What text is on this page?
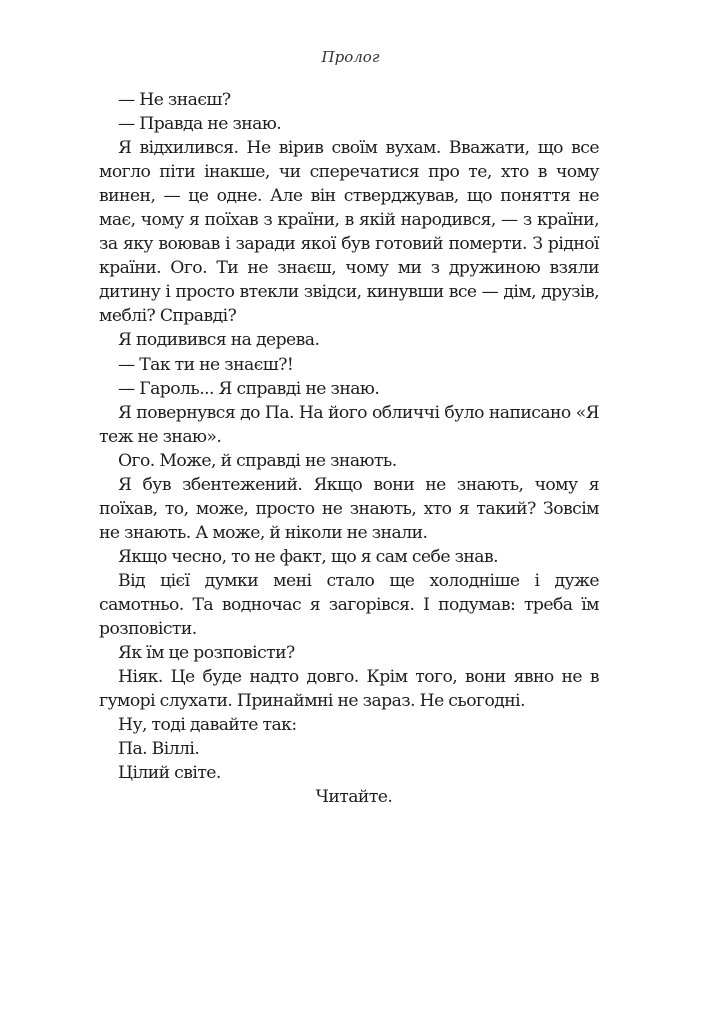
Пролог

— Не знаєш?

— Правда не знаю.

Я відхилився. Не вірив своїм вухам. Вважати, що все могло піти інакше, чи сперечатися про те, хто в чому винен, — це одне. Але він стверджував, що поняття не має, чому я поїхав з країни, в якій народився, — з країни, за яку воював і заради якої був готовий померти. З рідної країни. Ого. Ти не знаєш, чому ми з дружиною взяли дитину і просто втекли звідси, кинувши все — дім, друзів, меблі? Справді?

Я подивився на дерева.

— Так ти не знаєш?!

— Гароль... Я справді не знаю.

Я повернувся до Па. На його обличчі було написано «Я теж не знаю».

Ого. Може, й справді не знають.

Я був збентежений. Якщо вони не знають, чому я поїхав, то, може, просто не знають, хто я такий? Зовсім не знають. А може, й ніколи не знали.

Якщо чесно, то не факт, що я сам себе знав.

Від цієї думки мені стало ще холодніше і дуже самотньо. Та водночас я загорівся. І подумав: треба їм розповісти.

Як їм це розповісти?

Ніяк. Це буде надто довго. Крім того, вони явно не в гуморі слухати. Принаймні не зараз. Не сьогодні.

Ну, тоді давайте так:

Па. Віллі.

Цілий світе.

Читайте.
